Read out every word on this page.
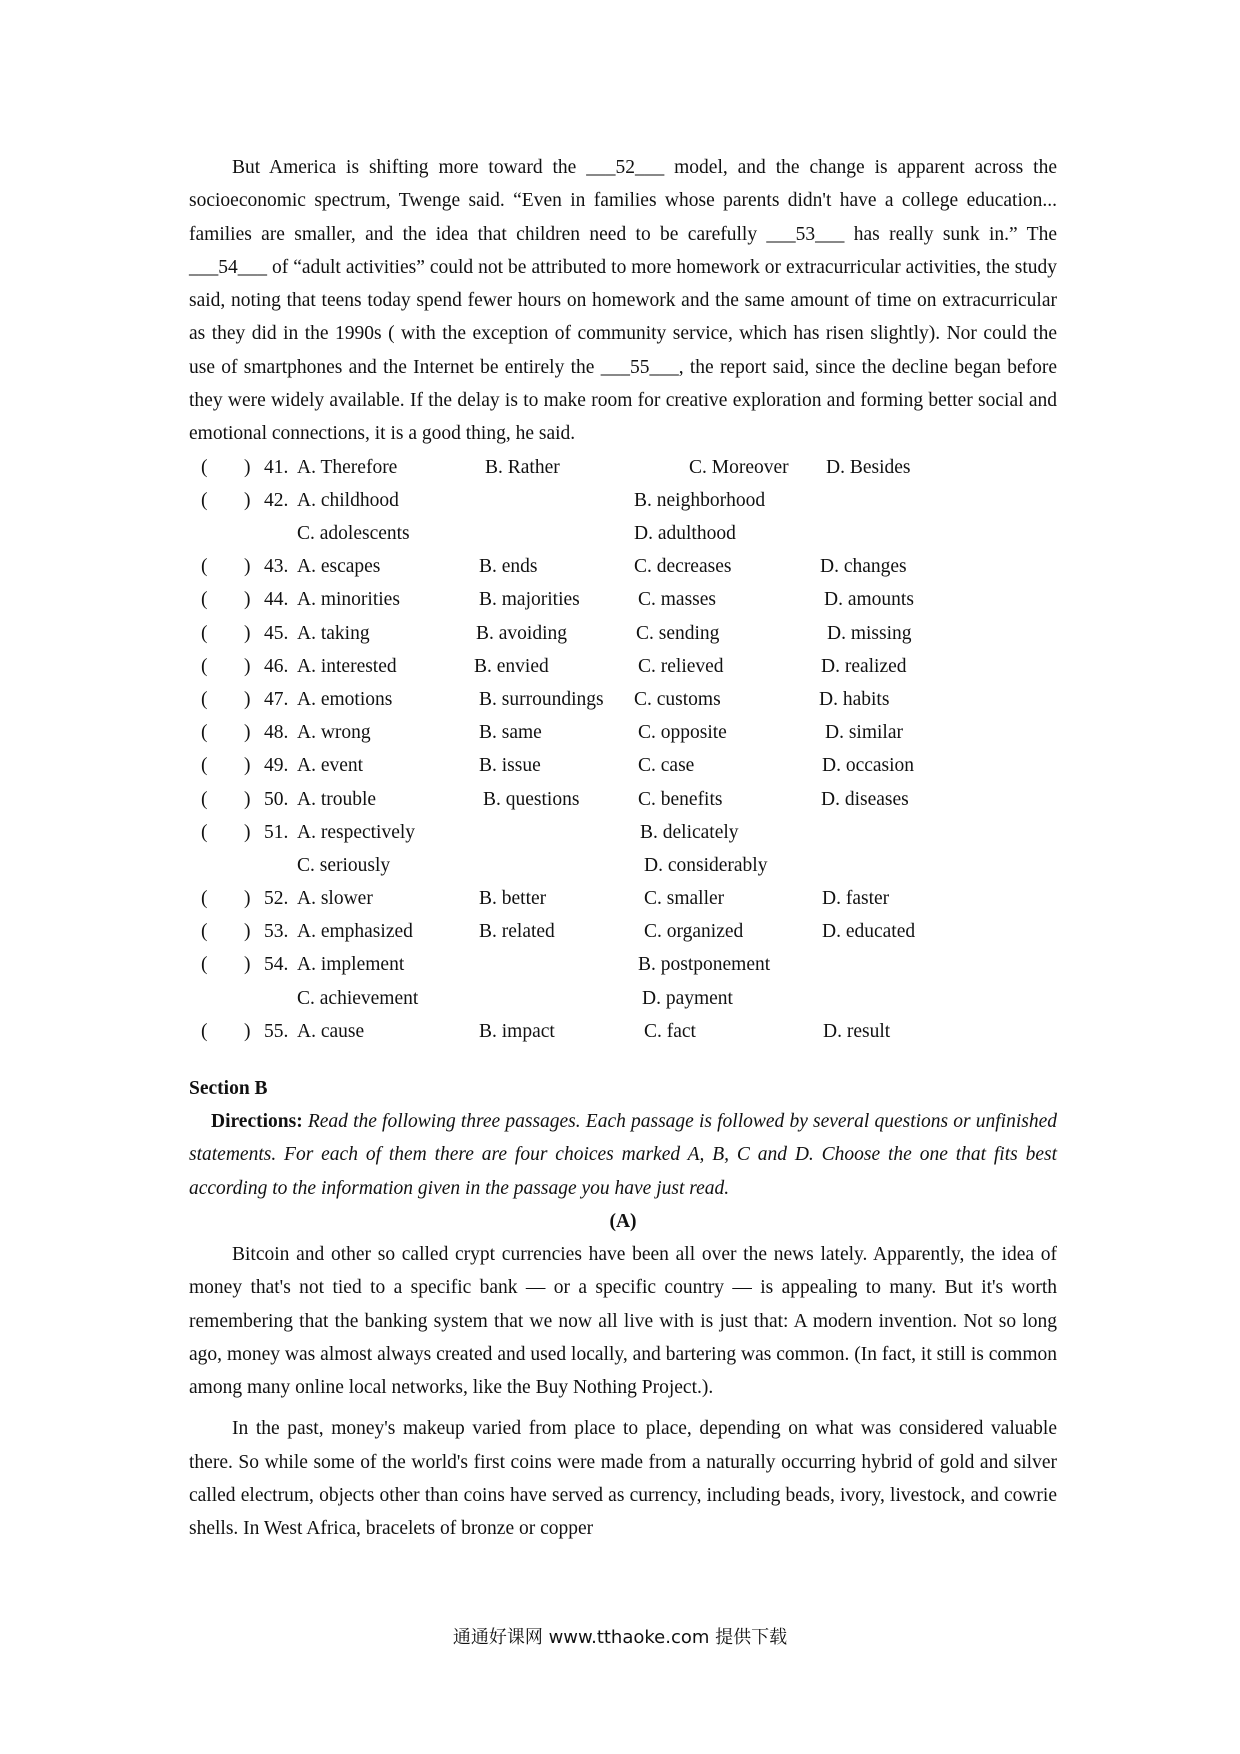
But America is shifting more toward the ___52___ model, and the change is apparent across the socioeconomic spectrum, Twenge said. “Even in families whose parents didn't have a college education... families are smaller, and the idea that children need to be carefully ___53___ has really sunk in.” The ___54___ of “adult activities” could not be attributed to more homework or extracurricular activities, the study said, noting that teens today spend fewer hours on homework and the same amount of time on extracurricular as they did in the 1990s ( with the exception of community service, which has risen slightly). Nor could the use of smartphones and the Internet be entirely the ___55___, the report said, since the decline began before they were widely available. If the delay is to make room for creative exploration and forming better social and emotional connections, it is a good thing, he said.

( ) 41. A. Therefore	B. Rather	C. Moreover D. Besides
( ) 42. A. childhood	B. neighborhood
C. adolescents	D. adulthood
( ) 43. A. escapes	B. ends	C. decreases	D. changes
( ) 44. A. minorities	B. majorities	C. masses	D. amounts
( ) 45. A. taking	B. avoiding	C. sending	D. missing
( ) 46. A. interested	B. envied	C. relieved	D. realized
( ) 47. A. emotions	B. surroundings C. customs	D. habits
( ) 48. A. wrong	B. same	C. opposite	D. similar
( ) 49. A. event	B. issue	C. case	D. occasion
( ) 50. A. trouble	B. questions	C. benefits	D. diseases
( ) 51. A. respectively	B. delicately
C. seriously	D. considerably
( ) 52. A. slower	B. better	C. smaller	D. faster
( ) 53. A. emphasized	B. related	C. organized	D. educated
( ) 54. A. implement	B. postponement
C. achievement	D. payment
( ) 55. A. cause	B. impact	C. fact	D. result
Section B

Directions: Read the following three passages. Each passage is followed by several questions or unfinished statements. For each of them there are four choices marked A, B, C and D. Choose the one that fits best according to the information given in the passage you have just read.

(A)

Bitcoin and other so called crypt currencies have been all over the news lately. Apparently, the idea of money that's not tied to a specific bank — or a specific country — is appealing to many. But it's worth remembering that the banking system that we now all live with is just that: A modern invention. Not so long ago, money was almost always created and used locally, and bartering was common. (In fact, it still is common among many online local networks, like the Buy Nothing Project.).

In the past, money's makeup varied from place to place, depending on what was considered valuable there. So while some of the world's first coins were made from a naturally occurring hybrid of gold and silver called electrum, objects other than coins have served as currency, including beads, ivory, livestock, and cowrie shells. In West Africa, bracelets of bronze or copper

通通好课网 www.tthaoke.com 提供下载
